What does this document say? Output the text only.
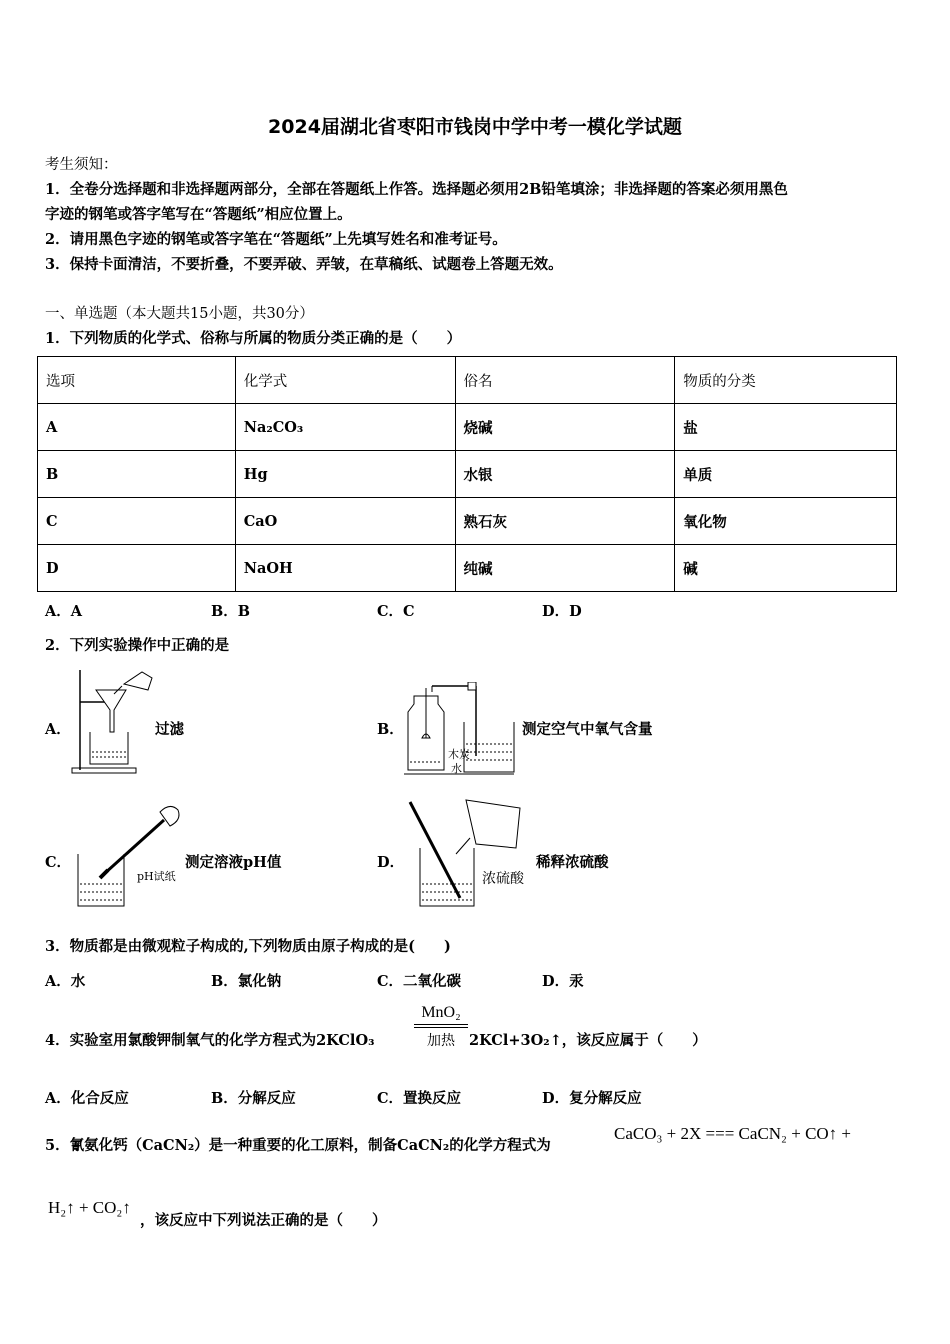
2024届湖北省枣阳市钱岗中学中考一模化学试题
考生须知：
1．全卷分选择题和非选择题两部分，全部在答题纸上作答。选择题必须用2B铅笔填涂；非选择题的答案必须用黑色
字迹的钢笔或答字笔写在“答题纸”相应位置上。
2．请用黑色字迹的钢笔或答字笔在“答题纸”上先填写姓名和准考证号。
3．保持卡面清洁，不要折叠，不要弄破、弄皱，在草稿纸、试题卷上答题无效。
一、单选题（本大题共15小题，共30分）
1．下列物质的化学式、俗称与所属的物质分类正确的是（　　）
选项	化学式	俗名	物质的分类
A	Na₂CO₃	烧碱	盐
B	Hg	水银	单质
C	CaO	熟石灰	氧化物
D	NaOH	纯碱	碱
A．A	B．B	C．C	D．D
2．下列实验操作中正确的是
A．	过滤	B．
木炭
水
测定空气中氧气含量
C．
pH试纸
测定溶液pH值	D．
浓硫酸
稀释浓硫酸
3．物质都是由微观粒子构成的,下列物质由原子构成的是(　　)
A．水	B．氯化钠	C．二氧化碳	D．汞
4．实验室用氯酸钾制氧气的化学方程式为2KClO₃
MnO₂
加热 2KCl+3O₂↑，该反应属于（　　）
A．化合反应	B．分解反应	C．置换反应	D．复分解反应
5．氰氨化钙（CaCN₂）是一种重要的化工原料，制备CaCN₂的化学方程式为
CaCO₃ + 2X === CaCN₂ + CO↑ +
H₂↑ + CO₂↑
，该反应中下列说法正确的是（　　）
